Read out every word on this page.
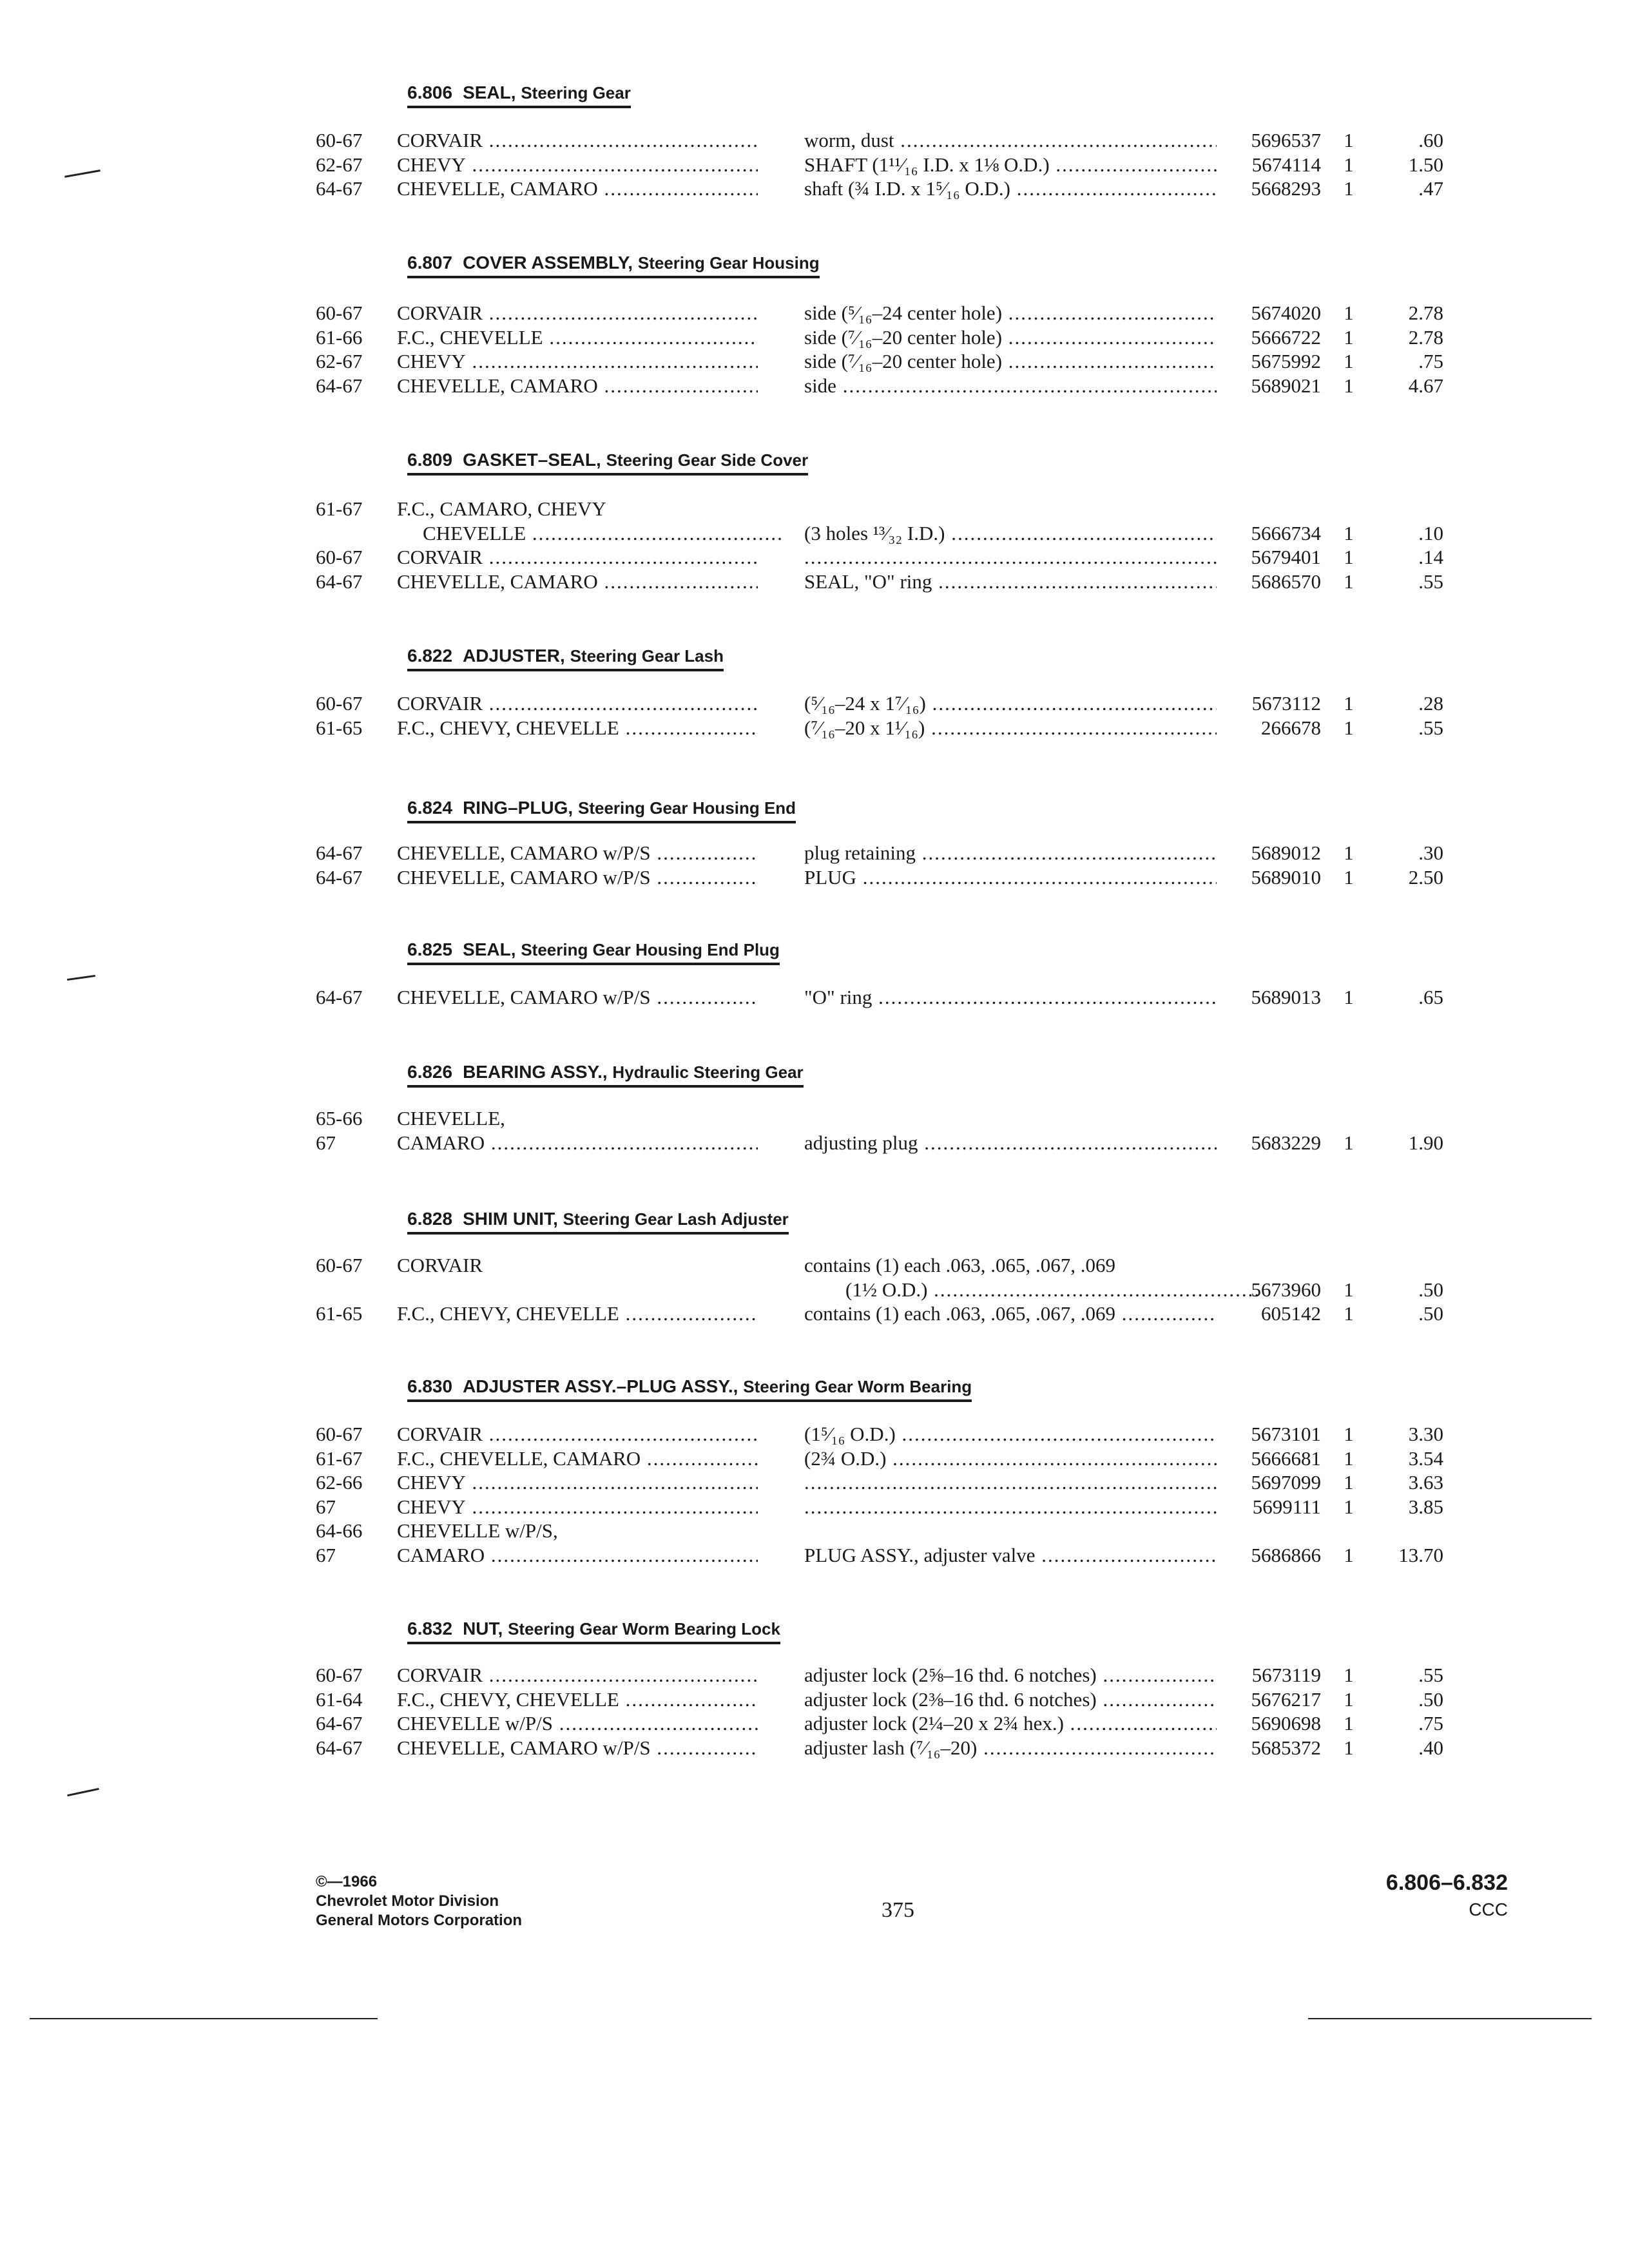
6.806 SEAL, Steering Gear
60-67 CORVAIR .....	worm, dust .....	5696537 1	.60
62-67 CHEVY .....	SHAFT (1¹¹⁄₁₆ I.D. x 1⅛ O.D.) .....	5674114 1	1.50
64-67 CHEVELLE, CAMARO .....	shaft (¾ I.D. x 1⁵⁄₁₆ O.D.) .....	5668293 1	.47
6.807 COVER ASSEMBLY, Steering Gear Housing
60-67 CORVAIR .....	side (⁵⁄₁₆–24 center hole) .....	5674020 1	2.78
61-66 F.C., CHEVELLE .....	side (⁷⁄₁₆–20 center hole) .....	5666722 1	2.78
62-67 CHEVY .....	side (⁷⁄₁₆–20 center hole) .....	5675992 1	.75
64-67 CHEVELLE, CAMARO .....	side .....	5689021 1	4.67
6.809 GASKET–SEAL, Steering Gear Side Cover
61-67 F.C., CAMARO, CHEVY
CHEVELLE .....	(3 holes ¹³⁄₃₂ I.D.) .....	5666734 1	.10
60-67 CORVAIR ..... .....	5679401 1	.14
64-67 CHEVELLE, CAMARO .....	SEAL, "O" ring .....	5686570 1	.55
6.822 ADJUSTER, Steering Gear Lash
60-67 CORVAIR .....	(⁵⁄₁₆–24 x 1⁷⁄₁₆) .....	5673112 1	.28
61-65 F.C., CHEVY, CHEVELLE .....	(⁷⁄₁₆–20 x 1¹⁄₁₆) .....	266678 1	.55
6.824 RING–PLUG, Steering Gear Housing End
64-67 CHEVELLE, CAMARO w/P/S .....	plug retaining .....	5689012 1	.30
64-67 CHEVELLE, CAMARO w/P/S .....	PLUG .....	5689010 1	2.50
6.825 SEAL, Steering Gear Housing End Plug
64-67 CHEVELLE, CAMARO w/P/S .....	"O" ring .....	5689013 1	.65
6.826 BEARING ASSY., Hydraulic Steering Gear
65-66 CHEVELLE,
67	CAMARO .....	adjusting plug .....	5683229 1	1.90
6.828 SHIM UNIT, Steering Gear Lash Adjuster
60-67 CORVAIR	contains (1) each .063, .065, .067, .069
(1½ O.D.) .....	5673960 1	.50
61-65 F.C., CHEVY, CHEVELLE .....	contains (1) each .063, .065, .067, .069 .....	605142 1	.50
6.830 ADJUSTER ASSY.–PLUG ASSY., Steering Gear Worm Bearing
60-67 CORVAIR .....	(1⁵⁄₁₆ O.D.) .....	5673101 1	3.30
61-67 F.C., CHEVELLE, CAMARO .....	(2¾ O.D.) .....	5666681 1	3.54
62-66 CHEVY ..... .....	5697099 1	3.63
67	CHEVY ..... .....	5699111 1	3.85
64-66 CHEVELLE w/P/S,
67	CAMARO .....	PLUG ASSY., adjuster valve .....	5686866 1	13.70
6.832 NUT, Steering Gear Worm Bearing Lock
60-67 CORVAIR .....	adjuster lock (2⅝–16 thd. 6 notches) .....	5673119 1	.55
61-64 F.C., CHEVY, CHEVELLE .....	adjuster lock (2⅜–16 thd. 6 notches) .....	5676217 1	.50
64-67 CHEVELLE w/P/S .....	adjuster lock (2¼–20 x 2¾ hex.) .....	5690698 1	.75
64-67 CHEVELLE, CAMARO w/P/S .....	adjuster lash (⁷⁄₁₆–20) .....	5685372 1	.40
©—1966
Chevrolet Motor Division
General Motors Corporation	375
6.806–6.832
CCC
